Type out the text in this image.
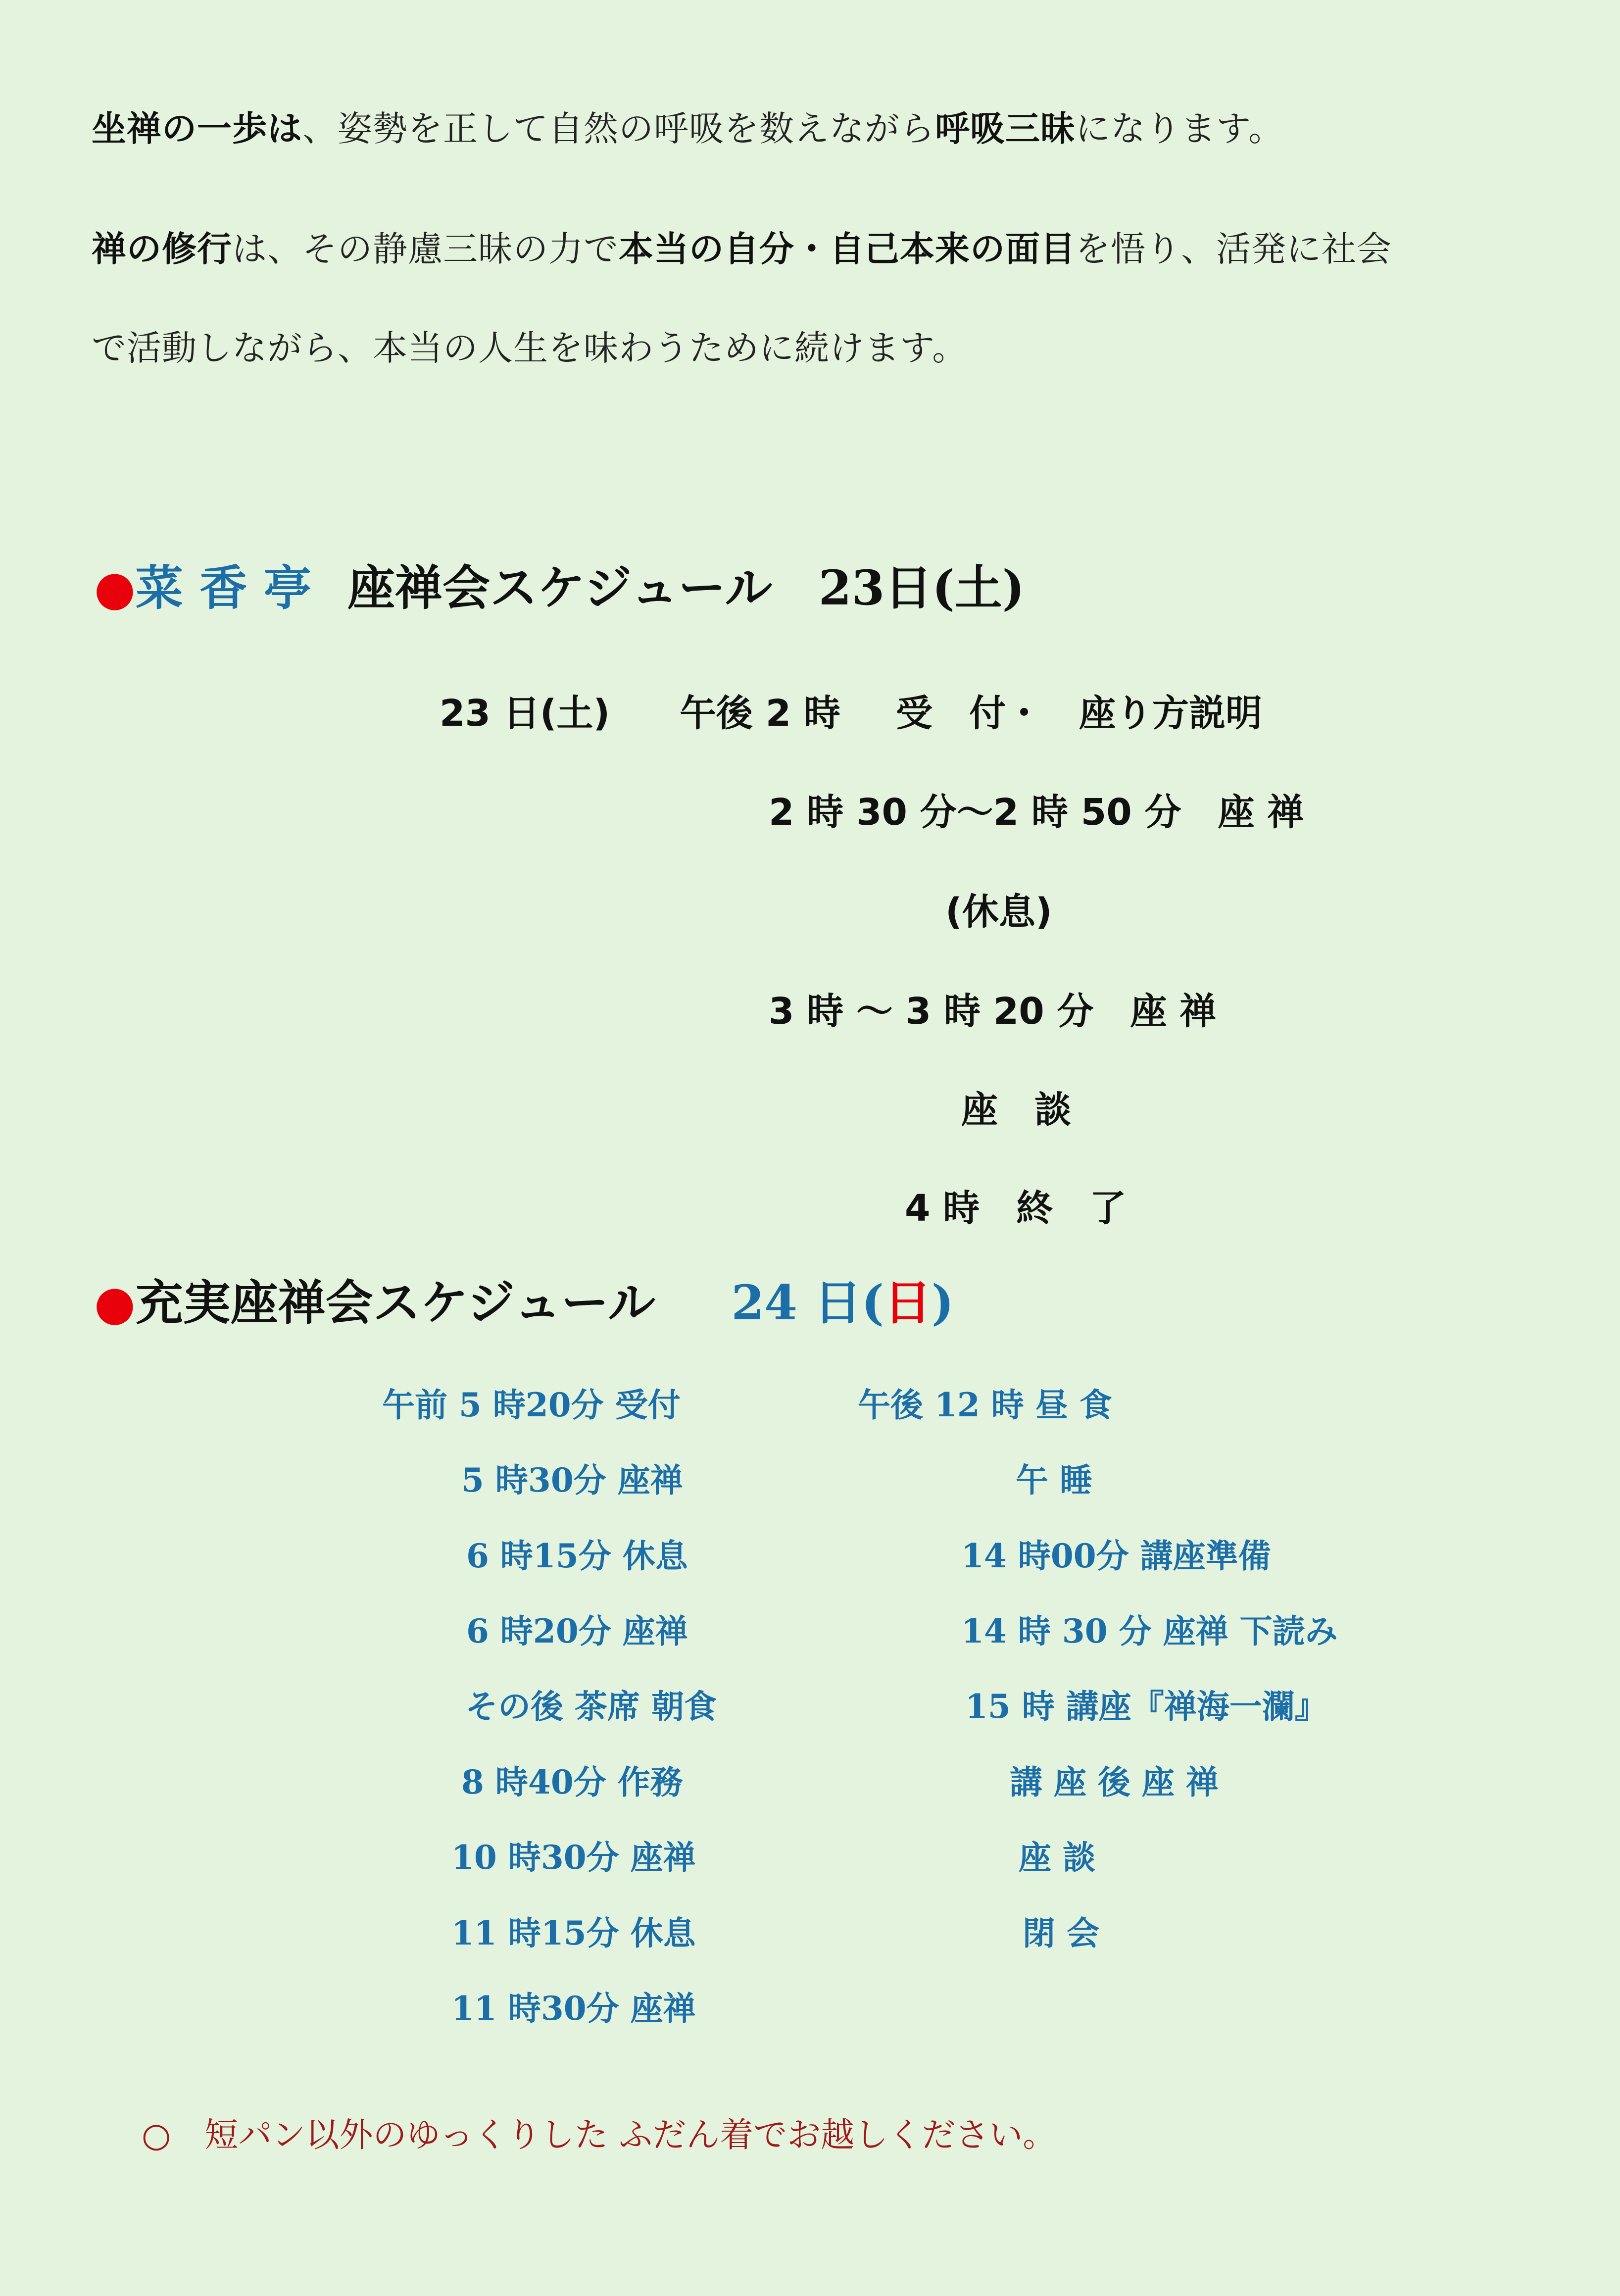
坐禅の一歩は、姿勢を正して自然の呼吸を数えながら呼吸三昧になります。
禅の修行は、その静慮三昧の力で本当の自分・自己本来の面目を悟り、活発に社会
で活動しながら、本当の人生を味わうために続けます。
●菜 香 亭 座禅会スケジュール 23日(土)
23 日(土) 午後 2 時 受　付・　座り方説明
2 時 30 分～2 時 50 分　座 禅
(休息)
3 時 ～ 3 時 20 分　座 禅
座　談
4 時　終　了
●充実座禅会スケジュール 24 日(日)
午前 5 時20分 受付
5 時30分 座禅
6 時15分 休息
6 時20分 座禅
その後 茶席 朝食
8 時40分 作務
10 時30分 座禅
11 時15分 休息
11 時30分 座禅
午後 12 時 昼 食
午 睡
14 時00分 講座準備
14 時 30 分 座禅 下読み
15 時 講座『禅海一瀾』
講 座 後 座 禅
座 談
閉 会
○　短パン以外のゆっくりした ふだん着でお越しください。
